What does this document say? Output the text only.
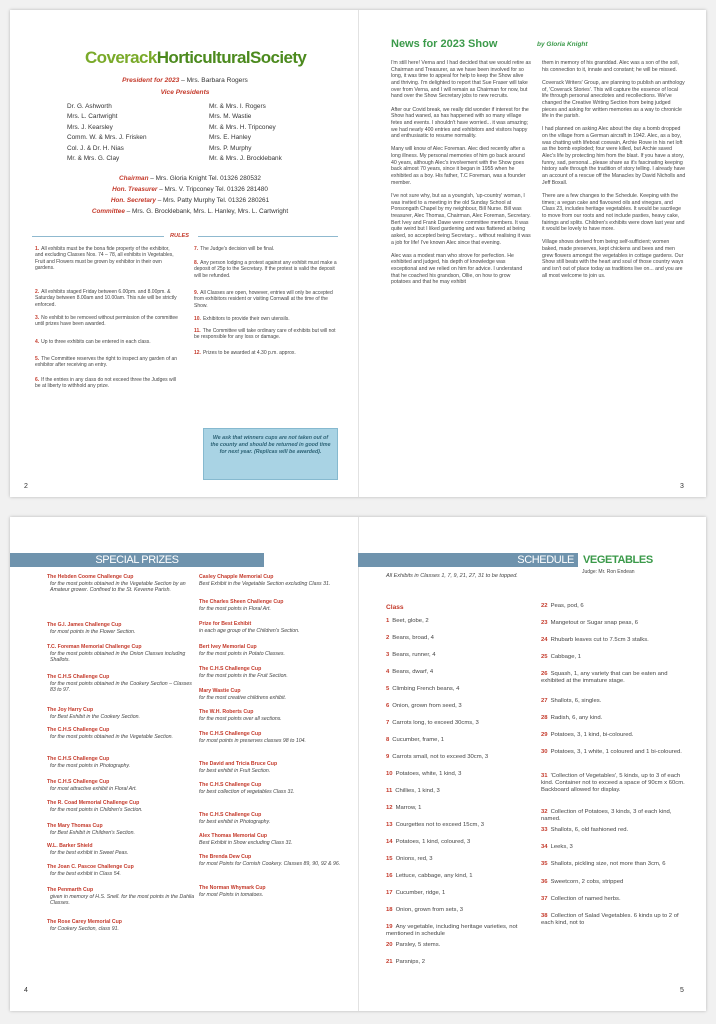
CoverackHorticulturalSociety
President for 2023 – Mrs. Barbara Rogers
Vice Presidents
Dr. G. Ashworth	Mr. & Mrs. I. Rogers
Mrs. L. Cartwright	Mrs. M. Wastie
Mrs. J. Kearsley	Mr. & Mrs. H. Tripconey
Comm. W. & Mrs. J. Frisken	Mrs. E. Hanley
Col. J. & Dr. H. Nias	Mrs. P. Murphy
Mr. & Mrs. G. Clay	Mr. & Mrs. J. Brocklebank
Chairman – Mrs. Gloria Knight Tel. 01326 280532
Hon. Treasurer – Mrs. V. Tripconey Tel. 01326 281480
Hon. Secretary – Mrs. Patty Murphy Tel. 01326 280261
Committee – Mrs. G. Brocklebank, Mrs. L. Hanley, Mrs. L. Cartwright
RULES
1. All exhibits must be the bona fide property of the exhibitor, and excluding Classes Nos. 74 – 78, all exhibits in Vegetables, Fruit and Flowers must be grown by exhibitor in their own gardens.
2. All exhibits staged Friday between 6.00pm. and 8.00pm. & Saturday between 8.00am and 10.00am. This rule will be strictly enforced.
3. No exhibit to be removed without permission of the committee until prizes have been awarded.
4. Up to three exhibits can be entered in each class.
5. The Committee reserves the right to inspect any garden of an exhibitor after receiving an entry.
6. If the entries in any class do not exceed three the Judges will be at liberty to withhold any prize.
7. The Judge's decision will be final.
8. Any person lodging a protest against any exhibit must make a deposit of 25p to the Secretary. If the protest is valid the deposit will be refunded.
9. All Classes are open, however, entries will only be accepted from exhibitors resident or visiting Cornwall at the time of the Show.
10. Exhibitors to provide their own utensils.
11. The Committee will take ordinary care of exhibits but will not be responsible for any loss or damage.
12. Prizes to be awarded at 4.30 p.m. approx.
We ask that winners cups are not taken out of the county and should be returned in good time for next year. (Replicas will be awarded).
2
News for 2023 Show	by Gloria Knight

I'm still here! Verna and I had decided that we would retire as Chairman and Treasurer, as we have been involved for so long, it was time to appeal for help to keep the Show alive and thriving. I'm delighted to report that Sue Fraser will take over from Verna, and I will remain as Chairman for now, but hand over the Show Secretary jobs to new recruits.

After our Covid break, we really did wonder if interest for the Show had waned, as has happened with so many village fetes and events. I shouldn't have worried... it was amazing; we had nearly 400 entries and exhibitors and visitors happy and enthusiastic to resume normality.

Many will know of Alec Foreman. Alec died recently after a long illness. My personal memories of him go back around 40 years, although Alec's involvement with the Show goes back almost 70 years, since it began in 1955 when he exhibited as a boy. His father, T.C Foreman, was a founder member.

I've not sure why, but as a youngish, 'up-country' woman, I was invited to a meeting in the old Sunday School at Ponsongath Chapel by my neighbour, Bill Nurse. Bill was treasurer, Alec Thomas, Chairman, Alec Foreman, Secretary. Bert Ivey and Frank Dawe were committee members. It was quite weird but I liked gardening and was flattered at being asked, so accepted being Secretary... without realising it was a job for life! I've known Alec since that evening.

Alec was a modest man who strove for perfection. He exhibited and judged, his depth of knowledge was exceptional and we relied on him for advice. I understand that he coached his grandson, Ollie, on how to grow potatoes and that he may exhibit

them in memory of his granddad. Alec was a son of the soil, his connection to it, innate and constant; he will be missed.

Coverack Writers' Group, are planning to publish an anthology of, 'Coverack Stories'. This will capture the essence of local life through personal anecdotes and recollections. We've changed the Creative Writing Section from being judged pieces and asking for written memories as a way to chronicle life in the parish.

I had planned on asking Alec about the day a bomb dropped on the village from a German aircraft in 1942. Alec, as a boy, was chatting with lifeboat coxwain, Archie Rowe in his net loft as the bomb exploded; four were killed, but Archie saved Alec's life by protecting him from the blast. If you have a story, funny, sad, personal...please share as it's fascinating keeping history safe through the tradition of story telling. I already have an account of a rescue off the Manacles by David Nicholls and Jeff Boxall.

There are a few changes to the Schedule. Keeping with the times; a vegan cake and flavoured oils and vinegars, and Class 23, includes heritage vegetables. It would be sacrilege to move from our roots and not include pasties, heavy cake, fairings and splits. Children's exhibits were down last year and it would be lovely to have more.

Village shows derived from being self-sufficient; women baked, made preserves, kept chickens and bees and men grew flowers amongst the vegetables in cottage gardens. Our Show still beats with the heart and soul of those country ways and isn't out of place today as traditions live on... and you are all most welcome to join us.

3
SPECIAL PRIZES
The Hebden Coome Challenge Cup
for the most points obtained in the Vegetable Section by an Amateur grower. Confined to the St. Keverne Parish.
The G.I. James Challenge Cup
for most points in the Flower Section.
T.C. Foreman Memorial Challenge Cup
for the most points obtained in the Onion Classes including Shallots.
The C.H.S Challenge Cup
for the most points obtained in the Cookery Section – Classes 83 to 97.
The Joy Harry Cup
for Best Exhibit in the Cookery Section.
The C.H.S Challenge Cup
for the most points obtained in the Vegetable Section.
The C.H.S Challenge Cup
for the most points in Photography.
The C.H.S Challenge Cup
for most attractive exhibit in Floral Art.
The R. Coad Memorial Challenge Cup
for the most points in Children's Section.
The Mary Thomas Cup
for Best Exhibit in Children's Section.
W.L. Barker Shield
for the best exhibit in Sweet Peas.
The Joan C. Pascoe Challenge Cup
for the best exhibit in Class 54.
The Penmarth Cup
given in memory of H.S. Snell. for the most points in the Dahlia Classes.
The Rose Carey Memorial Cup
for Cookery Section, class 91.
Casley Chapple Memorial Cup
Best Exhibit in the Vegetable Section excluding Class 31.
The Charles Sheen Challenge Cup
for the most points in Floral Art.
Prize for Best Exhibit
in each age group of the Children's Section.
Bert Ivey Memorial Cup
for the most points in Potato Classes.
The C.H.S Challenge Cup
for the most points in the Fruit Section.
Mary Wastie Cup
for the most creative childrens exhibit.
The W.H. Roberts Cup
for the most points over all sections.
The C.H.S Challenge Cup
for most points in preserves classes 98 to 104.
The David and Tricia Bruce Cup
for best exhibit in Fruit Section.
The C.H.S Challenge Cup
for best collection of vegetables Class 31.
The C.H.S Challenge Cup
for best exhibit in Photography.
Alex Thomas Memorial Cup
Best Exhibit in Show excluding Class 31.
The Brenda Dew Cup
for most Points for Cornish Cookery. Classes 89, 90, 92 & 96.
The Norman Whymark Cup
for most Points in tomatoes.
4
SCHEDULE VEGETABLES
Judge: Mr. Ron Endean
All Exhibits in Classes 1, 7, 9, 21, 27, 31 to be topped.
Class
1 Beet, globe, 2
2 Beans, broad, 4
3 Beans, runner, 4
4 Beans, dwarf, 4
5 Climbing French beans, 4
6 Onion, grown from seed, 3
7 Carrots long, to exceed 30cms, 3
8 Cucumber, frame, 1
9 Carrots small, not to exceed 30cm, 3
10 Potatoes, white, 1 kind, 3
11 Chillies, 1 kind, 3
12 Marrow, 1
13 Courgettes not to exceed 15cm, 3
14 Potatoes, 1 kind, coloured, 3
15 Onions, red, 3
16 Lettuce, cabbage, any kind, 1
17 Cucumber, ridge, 1
18 Onion, grown from sets, 3
19 Any vegetable, including heritage varieties, not mentioned in schedule
20 Parsley, 5 stems.
21 Parsnips, 2
22 Peas, pod, 6
23 Mangetout or Sugar snap peas, 6
24 Rhubarb leaves cut to 7.5cm 3 stalks.
25 Cabbage, 1
26 Squash, 1, any variety that can be eaten and exhibited at the immature stage.
27 Shallots, 6, singles.
28 Radish, 6, any kind.
29 Potatoes, 3, 1 kind, bi-coloured.
30 Potatoes, 3, 1 white, 1 coloured and 1 bi-coloured.
31 'Collection of Vegetables', 5 kinds, up to 3 of each kind. Container not to exceed a space of 90cm x 60cm. Backboard allowed for display.
32 Collection of Potatoes, 3 kinds, 3 of each kind, named.
33 Shallots, 6, old fashioned red.
34 Leeks, 3
35 Shallots, pickling size, not more than 3cm, 6
36 Sweetcorn, 2 cobs, stripped
37 Collection of named herbs.
38 Collection of Salad Vegetables. 6 kinds up to 2 of each kind, not to
5
